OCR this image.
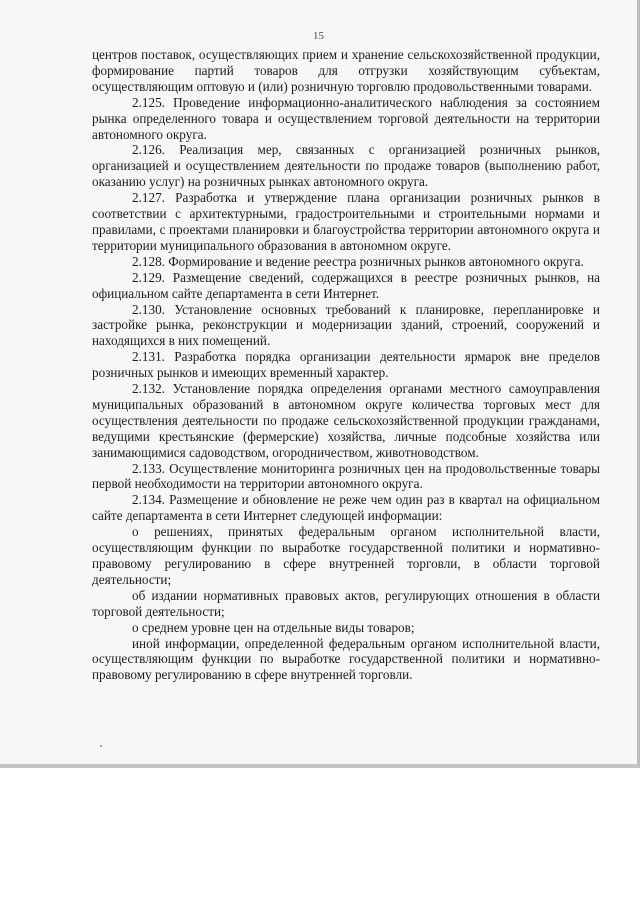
15

центров поставок, осуществляющих прием и хранение сельскохозяйственной продукции, формирование партий товаров для отгрузки хозяйствующим субъектам, осуществляющим оптовую и (или) розничную торговлю продовольственными товарами.

2.125. Проведение информационно-аналитического наблюдения за состоянием рынка определенного товара и осуществлением торговой деятельности на территории автономного округа.

2.126. Реализация мер, связанных с организацией розничных рынков, организацией и осуществлением деятельности по продаже товаров (выполнению работ, оказанию услуг) на розничных рынках автономного округа.

2.127. Разработка и утверждение плана организации розничных рынков в соответствии с архитектурными, градостроительными и строительными нормами и правилами, с проектами планировки и благоустройства территории автономного округа и территории муниципального образования в автономном округе.

2.128. Формирование и ведение реестра розничных рынков автономного округа.

2.129. Размещение сведений, содержащихся в реестре розничных рынков, на официальном сайте департамента в сети Интернет.

2.130. Установление основных требований к планировке, перепланировке и застройке рынка, реконструкции и модернизации зданий, строений, сооружений и находящихся в них помещений.

2.131. Разработка порядка организации деятельности ярмарок вне пределов розничных рынков и имеющих временный характер.

2.132. Установление порядка определения органами местного самоуправления муниципальных образований в автономном округе количества торговых мест для осуществления деятельности по продаже сельскохозяйственной продукции гражданами, ведущими крестьянские (фермерские) хозяйства, личные подсобные хозяйства или занимающимися садоводством, огородничеством, животноводством.

2.133. Осуществление мониторинга розничных цен на продовольственные товары первой необходимости на территории автономного округа.

2.134. Размещение и обновление не реже чем один раз в квартал на официальном сайте департамента в сети Интернет следующей информации:

о решениях, принятых федеральным органом исполнительной власти, осуществляющим функции по выработке государственной политики и нормативно-правовому регулированию в сфере внутренней торговли, в области торговой деятельности;

об издании нормативных правовых актов, регулирующих отношения в области торговой деятельности;

о среднем уровне цен на отдельные виды товаров;

иной информации, определенной федеральным органом исполнительной власти, осуществляющим функции по выработке государственной политики и нормативно-правовому регулированию в сфере внутренней торговли.
